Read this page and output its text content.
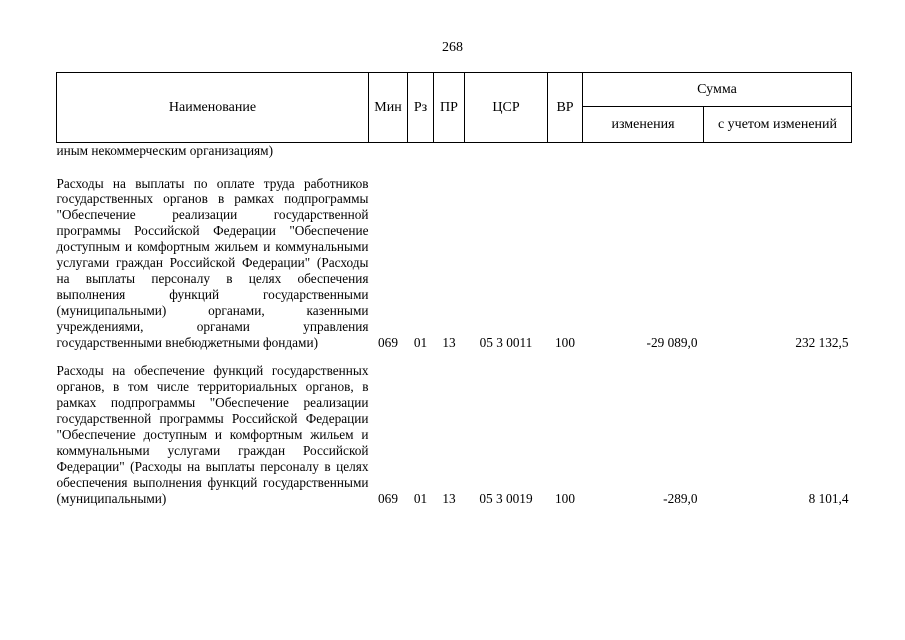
268
Наименование	Мин	Рз	ПР	ЦСР	ВР	Сумма	
						изменения	с учетом изменений
иным некоммерческим организациям)							
Расходы на выплаты по оплате труда работников государственных органов в рамках подпрограммы "Обеспечение реализации государственной программы Российской Федерации "Обеспечение доступным и комфортным жильем и коммунальными услугами граждан Российской Федерации" (Расходы на выплаты персоналу в целях обеспечения выполнения функций государственными (муниципальными) органами, казенными учреждениями, органами управления государственными внебюджетными фондами)	069	01	13	05 3 0011	100	-29 089,0	232 132,5
Расходы на обеспечение функций государственных органов, в том числе территориальных органов, в рамках подпрограммы "Обеспечение реализации государственной программы Российской Федерации "Обеспечение доступным и комфортным жильем и коммунальными услугами граждан Российской Федерации" (Расходы на выплаты персоналу в целях обеспечения выполнения функций государственными (муниципальными)	069	01	13	05 3 0019	100	-289,0	8 101,4
